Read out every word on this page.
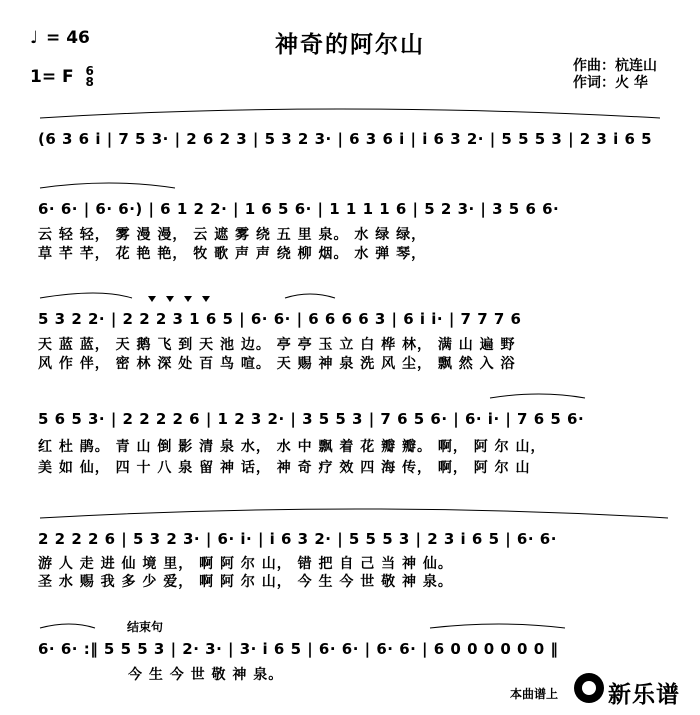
神奇的阿尔山
♩ = 46
1= F 6
8
作曲：杭连山
作词：火 华
(6 3 6 i | 7 5 3· | 2 6 2 3 | 5 3 2 3· | 6 3 6 i | i 6 3 2· | 5 5 5 3 | 2 3 i 6 5
6· 6· | 6· 6·) | 6 1 2 2· | 1 6 5 6· | 1 1 1 1 6 | 5 2 3· | 3 5 6 6·
云 轻 轻， 雾 漫 漫， 云 遮 雾 绕 五 里 泉。 水 绿 绿，
草 芊 芊， 花 艳 艳， 牧 歌 声 声 绕 柳 烟。 水 弹 琴，
5 3 2 2· | 2 2 2 3 1 6 5 | 6· 6· | 6 6 6 6 3 | 6 i i· | 7 7 7 6
天 蓝 蓝， 天 鹅 飞 到 天 池 边。 亭 亭 玉 立 白 桦 林， 满 山 遍 野
风 作 伴， 密 林 深 处 百 鸟 喧。 天 赐 神 泉 洗 风 尘， 飘 然 入 浴
5 6 5 3· | 2 2 2 2 6 | 1 2 3 2· | 3 5 5 3 | 7 6 5 6· | 6· i· | 7 6 5 6·
红 杜 鹃。 青 山 倒 影 清 泉 水， 水 中 飘 着 花 瓣 瓣。 啊， 阿 尔 山，
美 如 仙， 四 十 八 泉 留 神 话， 神 奇 疗 效 四 海 传， 啊， 阿 尔 山
2 2 2 2 6 | 5 3 2 3· | 6· i· | i 6 3 2· | 5 5 5 3 | 2 3 i 6 5 | 6· 6·
游 人 走 进 仙 境 里， 啊 阿 尔 山， 错 把 自 己 当 神 仙。
圣 水 赐 我 多 少 爱， 啊 阿 尔 山， 今 生 今 世 敬 神 泉。
结束句
6· 6· :‖ 5 5 5 3 | 2· 3· | 3· i 6 5 | 6· 6· | 6· 6· | 6 0 0 0 0 0 0 ‖
今 生 今 世 敬 神 泉。
本曲谱上 新乐谱
